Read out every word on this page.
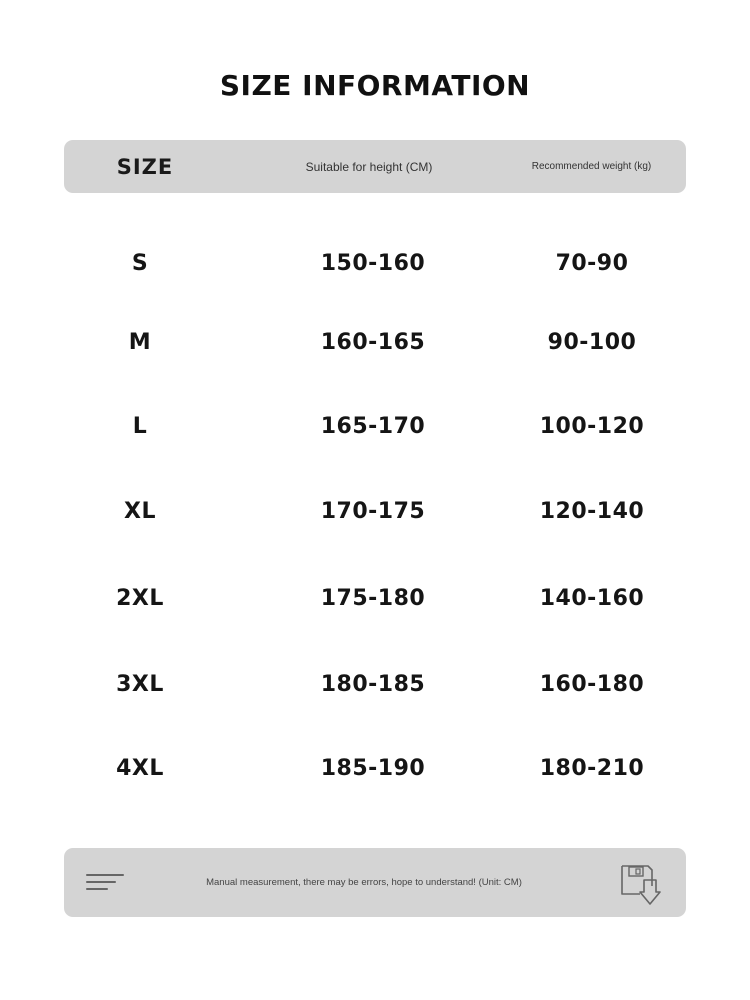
SIZE INFORMATION
SIZE	Suitable for height (CM)	Recommended weight (kg)
S	150-160	70-90
M	160-165	90-100
L	165-170	100-120
XL	170-175	120-140
2XL	175-180	140-160
3XL	180-185	160-180
4XL	185-190	180-210
Manual measurement, there may be errors, hope to understand! (Unit: CM)
